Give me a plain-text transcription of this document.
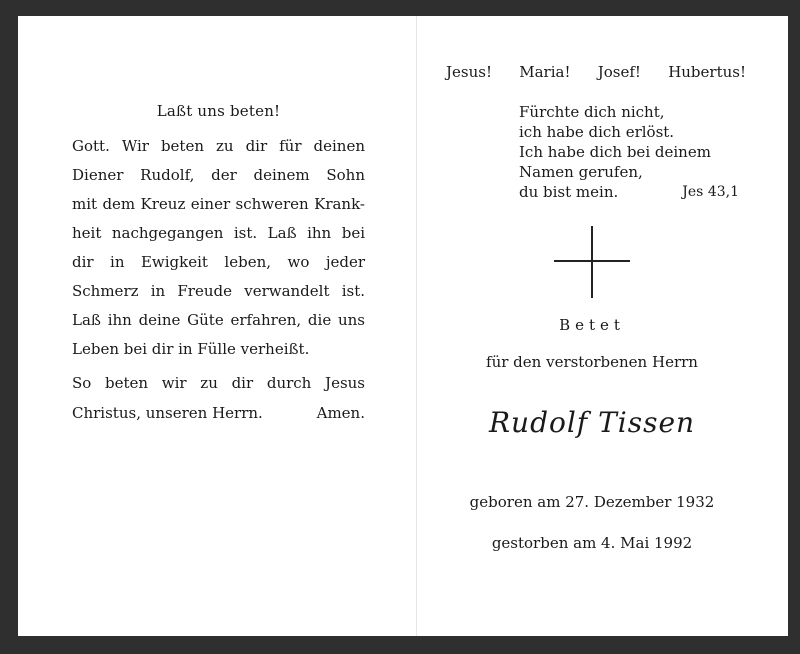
Laßt uns beten!
Gott. Wir beten zu dir für deinen
Diener Rudolf, der deinem Sohn
mit dem Kreuz einer schweren Krank-
heit nachgegangen ist. Laß ihn bei
dir in Ewigkeit leben, wo jeder
Schmerz in Freude verwandelt ist.
Laß ihn deine Güte erfahren, die uns
Leben bei dir in Fülle verheißt.
So beten wir zu dir durch Jesus
Christus, unseren Herrn.	Amen.
Jesus! Maria! Josef! Hubertus!
Fürchte dich nicht,
ich habe dich erlöst.
Ich habe dich bei deinem
Namen gerufen,
du bist mein.	Jes 43,1
Betet
für den verstorbenen Herrn
Rudolf Tissen
geboren am 27. Dezember 1932
gestorben am 4. Mai 1992
